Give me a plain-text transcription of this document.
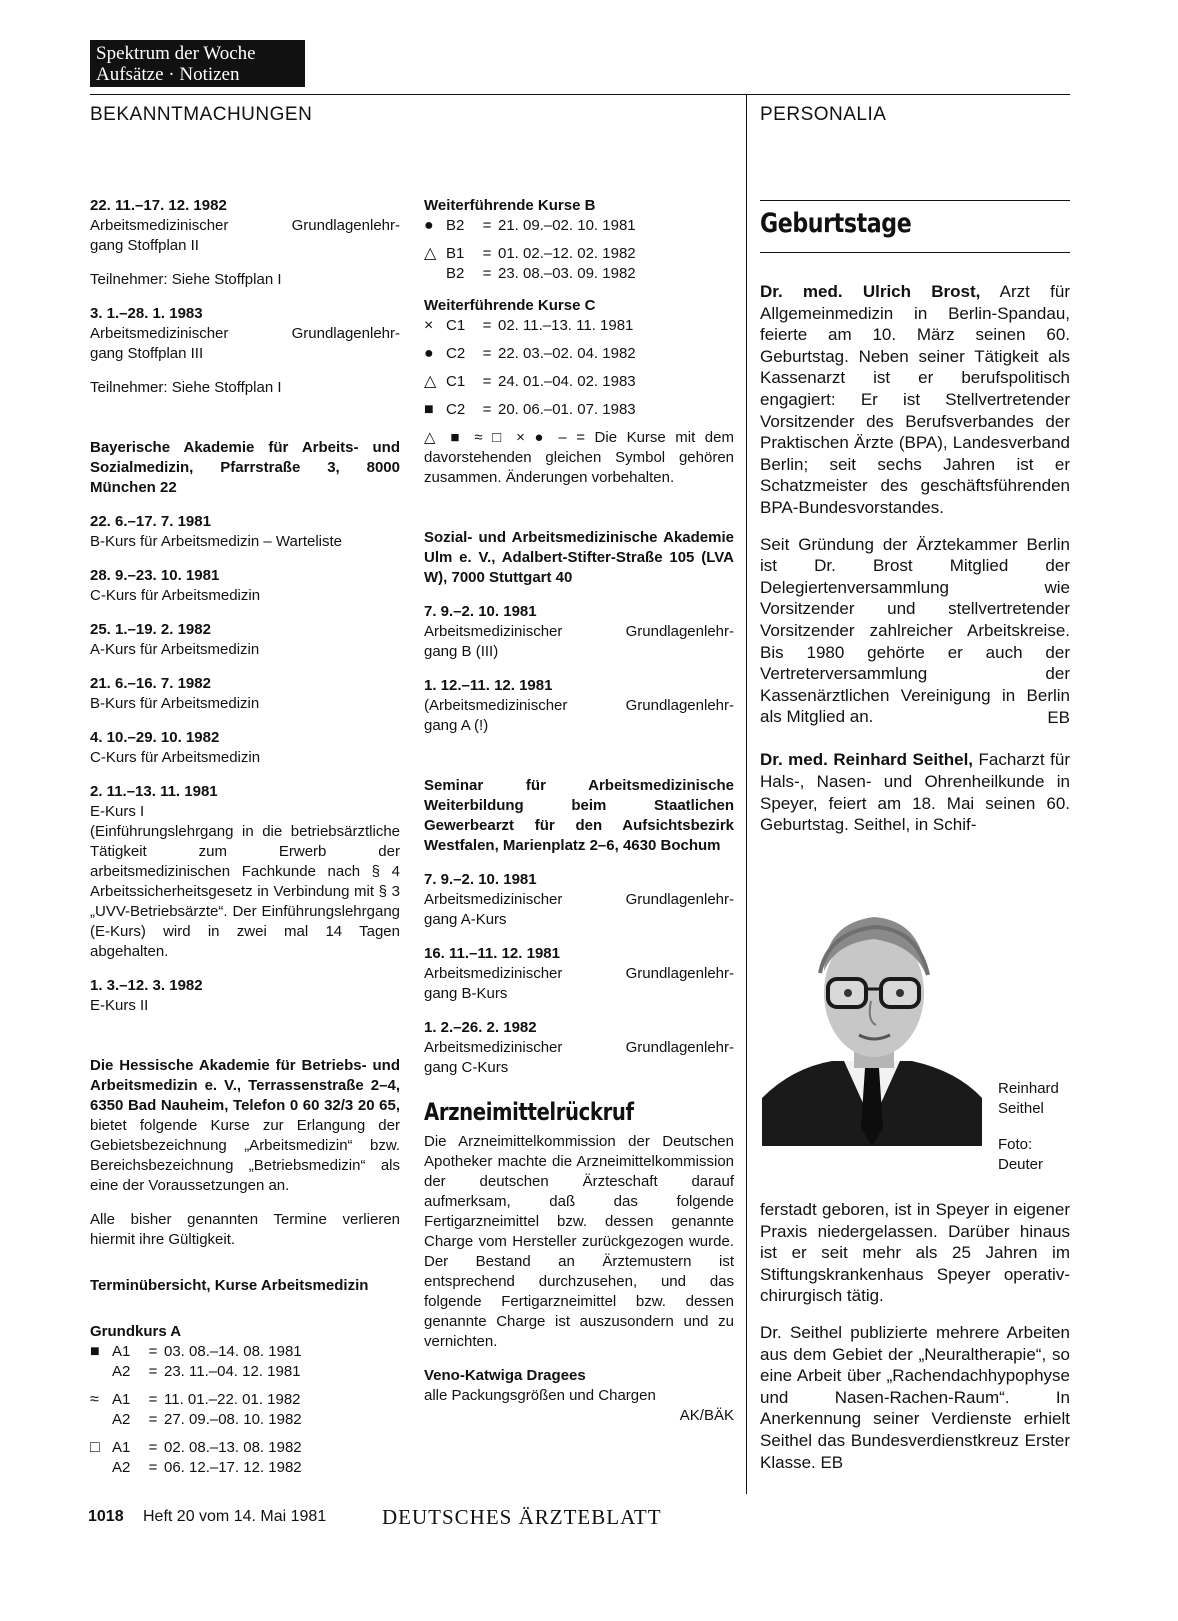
Spektrum der Woche
Aufsätze · Notizen
BEKANNTMACHUNGEN	PERSONALIA
22. 11.–17. 12. 1982
Arbeitsmedizinischer	Grundlagenlehr-
gang Stoffplan II
Teilnehmer: Siehe Stoffplan I
3. 1.–28. 1. 1983
Arbeitsmedizinischer	Grundlagenlehr-
gang Stoffplan III
Teilnehmer: Siehe Stoffplan I
Bayerische Akademie für Arbeits- und Sozialmedizin, Pfarrstraße 3, 8000 München 22
22. 6.–17. 7. 1981
B-Kurs für Arbeitsmedizin – Warteliste
28. 9.–23. 10. 1981
C-Kurs für Arbeitsmedizin
25. 1.–19. 2. 1982
A-Kurs für Arbeitsmedizin
21. 6.–16. 7. 1982
B-Kurs für Arbeitsmedizin
4. 10.–29. 10. 1982
C-Kurs für Arbeitsmedizin
2. 11.–13. 11. 1981
E-Kurs I
(Einführungslehrgang in die betriebsärztliche Tätigkeit zum Erwerb der arbeitsmedizinischen Fachkunde nach § 4 Arbeitssicherheitsgesetz in Verbindung mit § 3 „UVV-Betriebsärzte“. Der Einführungslehrgang (E-Kurs) wird in zwei mal 14 Tagen abgehalten.
1. 3.–12. 3. 1982
E-Kurs II
Die Hessische Akademie für Betriebs- und Arbeitsmedizin e. V., Terrassenstraße 2–4, 6350 Bad Nauheim, Telefon 0 60 32/3 20 65, bietet folgende Kurse zur Erlangung der Gebietsbezeichnung „Arbeitsmedizin“ bzw. Bereichsbezeichnung „Betriebsmedizin“ als eine der Voraussetzungen an.
Alle bisher genannten Termine verlieren hiermit ihre Gültigkeit.
Terminübersicht, Kurse Arbeitsmedizin
Grundkurs A
■ A1	= 03. 08.–14. 08. 1981
A2	= 23. 11.–04. 12. 1981
≈ A1	= 11. 01.–22. 01. 1982
A2	= 27. 09.–08. 10. 1982
□ A1	= 02. 08.–13. 08. 1982
A2	= 06. 12.–17. 12. 1982
Weiterführende Kurse B
● B2	= 21. 09.–02. 10. 1981
△ B1	= 01. 02.–12. 02. 1982
B2	= 23. 08.–03. 09. 1982
Weiterführende Kurse C
× C1	= 02. 11.–13. 11. 1981
● C2	= 22. 03.–02. 04. 1982
△ C1	= 24. 01.–04. 02. 1983
■ C2	= 20. 06.–01. 07. 1983
△ ■ ≈ □ × ● – = Die Kurse mit dem davorstehenden gleichen Symbol gehören zusammen. Änderungen vorbehalten.
Sozial- und Arbeitsmedizinische Akademie Ulm e. V., Adalbert-Stifter-Straße 105 (LVA W), 7000 Stuttgart 40
7. 9.–2. 10. 1981
Arbeitsmedizinischer	Grundlagenlehr-
gang B (III)
1. 12.–11. 12. 1981
(Arbeitsmedizinischer	Grundlagenlehr-
gang A (!)
Seminar für Arbeitsmedizinische Weiterbildung beim Staatlichen Gewerbearzt für den Aufsichtsbezirk Westfalen, Marienplatz 2–6, 4630 Bochum
7. 9.–2. 10. 1981
Arbeitsmedizinischer	Grundlagenlehr-
gang A-Kurs
16. 11.–11. 12. 1981
Arbeitsmedizinischer	Grundlagenlehr-
gang B-Kurs
1. 2.–26. 2. 1982
Arbeitsmedizinischer	Grundlagenlehr-
gang C-Kurs
Arzneimittelrückruf
Die Arzneimittelkommission der Deutschen Apotheker machte die Arzneimittelkommission der deutschen Ärzteschaft darauf aufmerksam, daß das folgende Fertigarzneimittel bzw. dessen genannte Charge vom Hersteller zurückgezogen wurde. Der Bestand an Ärztemustern ist entsprechend durchzusehen, und das folgende Fertigarzneimittel bzw. dessen genannte Charge ist auszusondern und zu vernichten.
Veno-Katwiga Dragees
alle Packungsgrößen und Chargen
AK/BÄK
Geburtstage

Dr. med. Ulrich Brost, Arzt für Allgemeinmedizin in Berlin-Spandau, feierte am 10. März seinen 60. Geburtstag. Neben seiner Tätigkeit als Kassenarzt ist er berufspolitisch engagiert: Er ist Stellvertretender Vorsitzender des Berufsverbandes der Praktischen Ärzte (BPA), Landesverband Berlin; seit sechs Jahren ist er Schatzmeister des geschäftsführenden BPA-Bundesvorstandes.

Seit Gründung der Ärztekammer Berlin ist Dr. Brost Mitglied der Delegiertenversammlung wie Vorsitzender und stellvertretender Vorsitzender zahlreicher Arbeitskreise. Bis 1980 gehörte er auch der Vertreterversammlung der Kassenärztlichen Vereinigung in Berlin als Mitglied an.	EB

Dr. med. Reinhard Seithel, Facharzt für Hals-, Nasen- und Ohrenheilkunde in Speyer, feiert am 18. Mai seinen 60. Geburtstag. Seithel, in Schif-

Reinhard
Seithel
Foto:
Deuter

ferstadt geboren, ist in Speyer in eigener Praxis niedergelassen. Darüber hinaus ist er seit mehr als 25 Jahren im Stiftungskrankenhaus Speyer operativ-chirurgisch tätig.

Dr. Seithel publizierte mehrere Arbeiten aus dem Gebiet der „Neuraltherapie“, so eine Arbeit über „Rachendachhypophyse und Nasen-Rachen-Raum“. In Anerkennung seiner Verdienste erhielt Seithel das Bundesverdienstkreuz Erster Klasse. EB

1018 Heft 20 vom 14. Mai 1981	DEUTSCHES ÄRZTEBLATT
